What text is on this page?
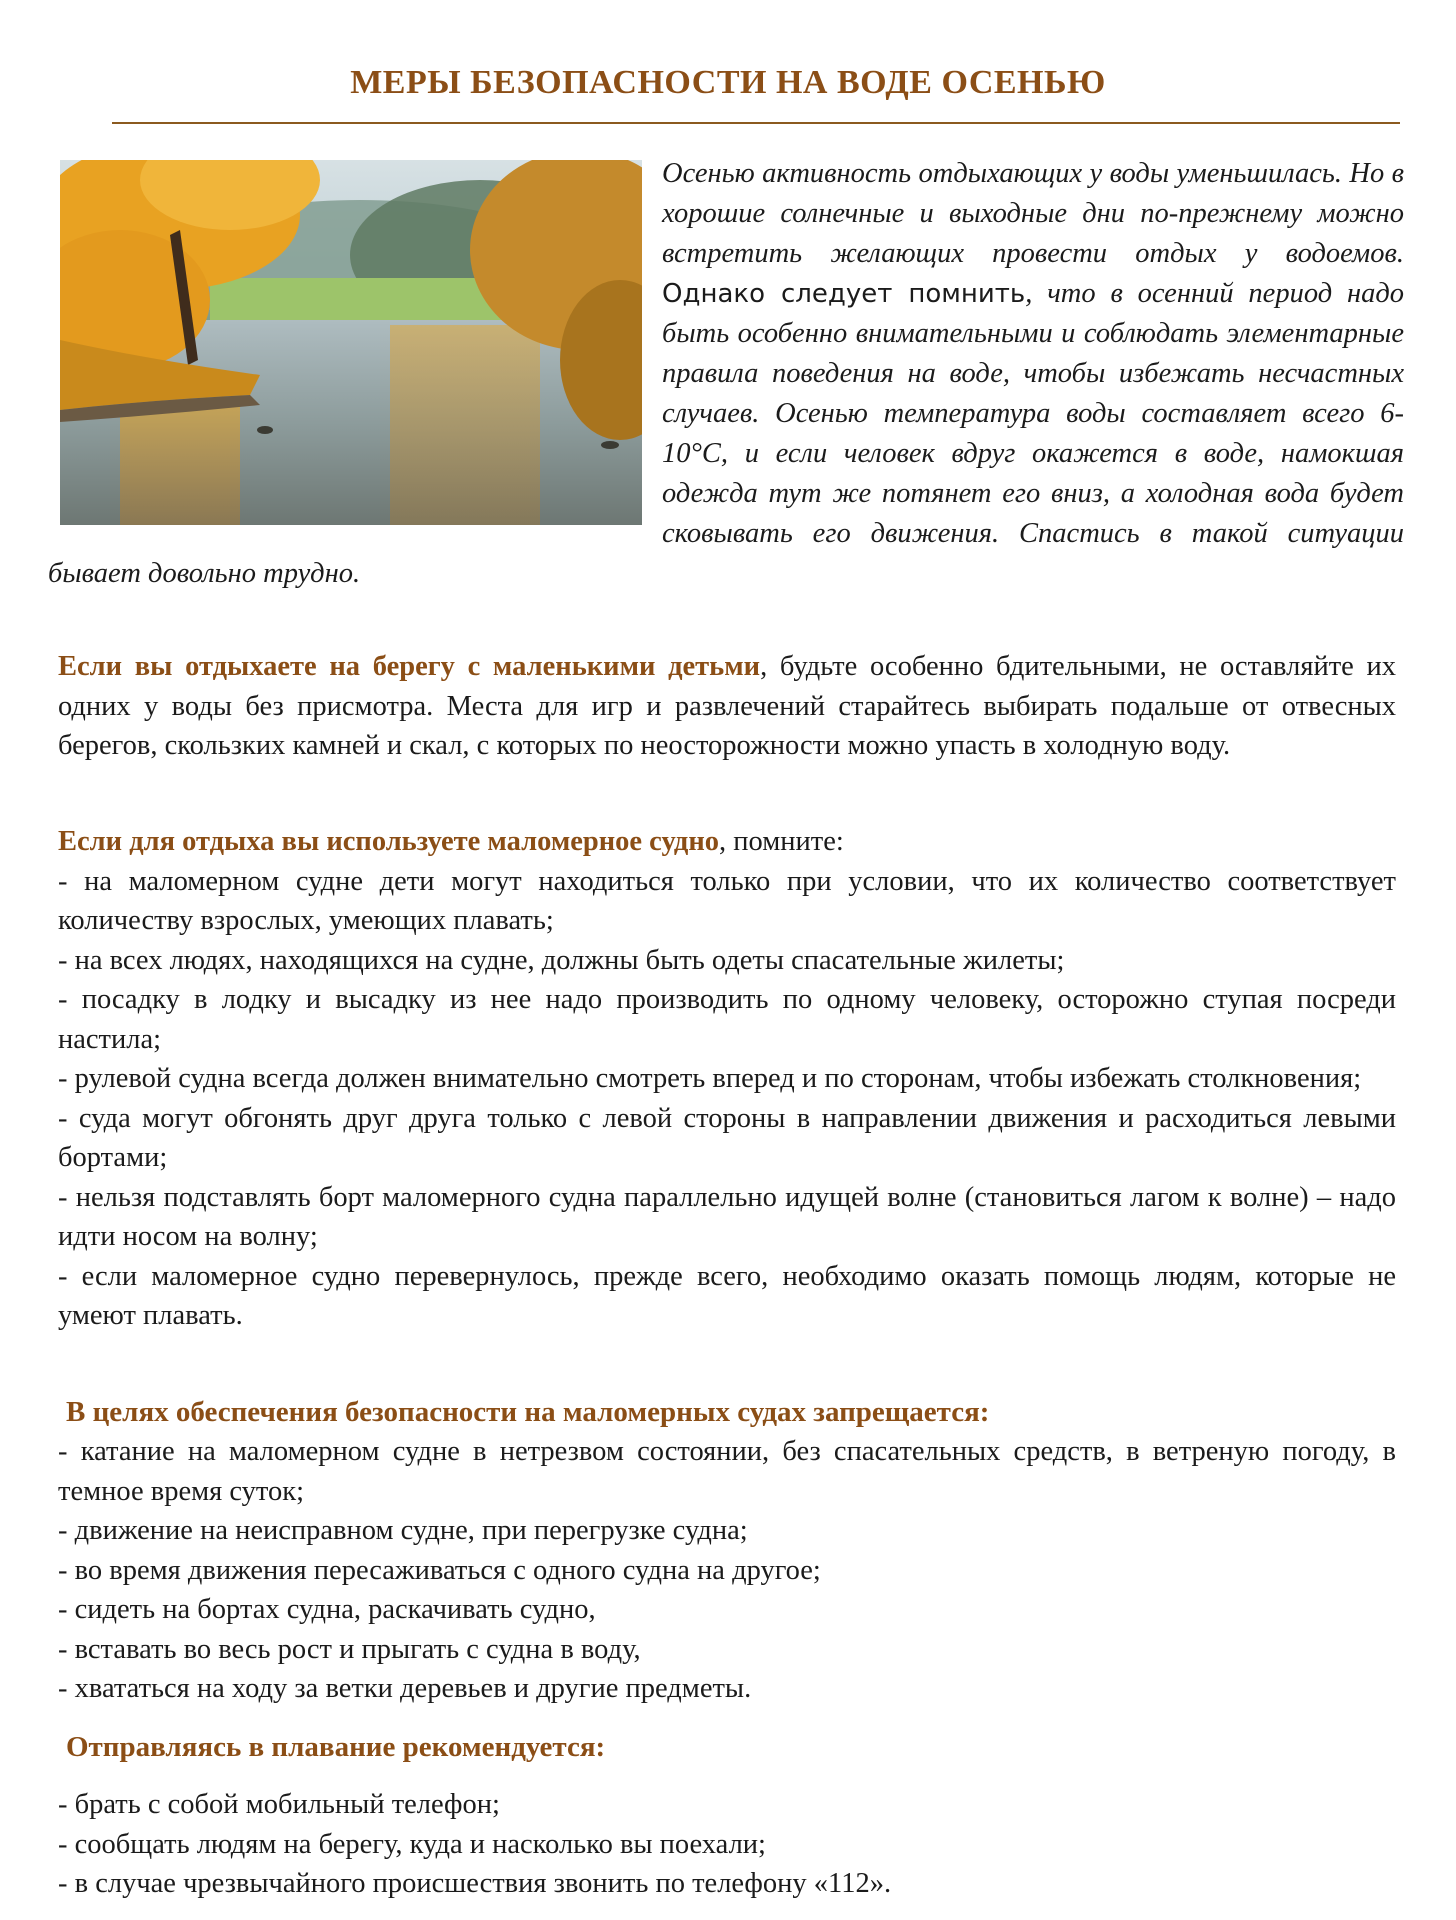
МЕРЫ БЕЗОПАСНОСТИ НА ВОДЕ ОСЕНЬЮ

Осенью активность отдыхающих у воды уменьшилась. Но в хорошие солнечные и выходные дни по-прежнему можно встретить желающих провести отдых у водоемов. Однако следует помнить, что в осенний период надо быть особенно внимательными и соблюдать элементарные правила поведения на воде, чтобы избежать несчастных случаев. Осенью температура воды составляет всего 6-10°С, и если человек вдруг окажется в воде, намокшая одежда тут же потянет его вниз, а холодная вода будет сковывать его движения. Спастись в такой ситуации бывает довольно трудно.

Если вы отдыхаете на берегу с маленькими детьми, будьте особенно бдительными, не оставляйте их одних у воды без присмотра. Места для игр и развлечений старайтесь выбирать подальше от отвесных берегов, скользких камней и скал, с которых по неосторожности можно упасть в холодную воду.

Если для отдыха вы используете маломерное судно, помните:

- на маломерном судне дети могут находиться только при условии, что их количество соответствует количеству взрослых, умеющих плавать;

- на всех людях, находящихся на судне, должны быть одеты спасательные жилеты;

- посадку в лодку и высадку из нее надо производить по одному человеку, осторожно ступая посреди настила;

- рулевой судна всегда должен внимательно смотреть вперед и по сторонам, чтобы избежать столкновения;

- суда могут обгонять друг друга только с левой стороны в направлении движения и расходиться левыми бортами;

- нельзя подставлять борт маломерного судна параллельно идущей волне (становиться лагом к волне) – надо идти носом на волну;

- если маломерное судно перевернулось, прежде всего, необходимо оказать помощь людям, которые не умеют плавать.

В целях обеспечения безопасности на маломерных судах запрещается:

- катание на маломерном судне в нетрезвом состоянии, без спасательных средств, в ветреную погоду, в темное время суток;

- движение на неисправном судне, при перегрузке судна;

- во время движения пересаживаться с одного судна на другое;

- сидеть на бортах судна, раскачивать судно,

- вставать во весь рост и прыгать с судна в воду,

- хвататься на ходу за ветки деревьев и другие предметы.

Отправляясь в плавание рекомендуется:

- брать с собой мобильный телефон;

- сообщать людям на берегу, куда и насколько вы поехали;

- в случае чрезвычайного происшествия звонить по телефону «112».
